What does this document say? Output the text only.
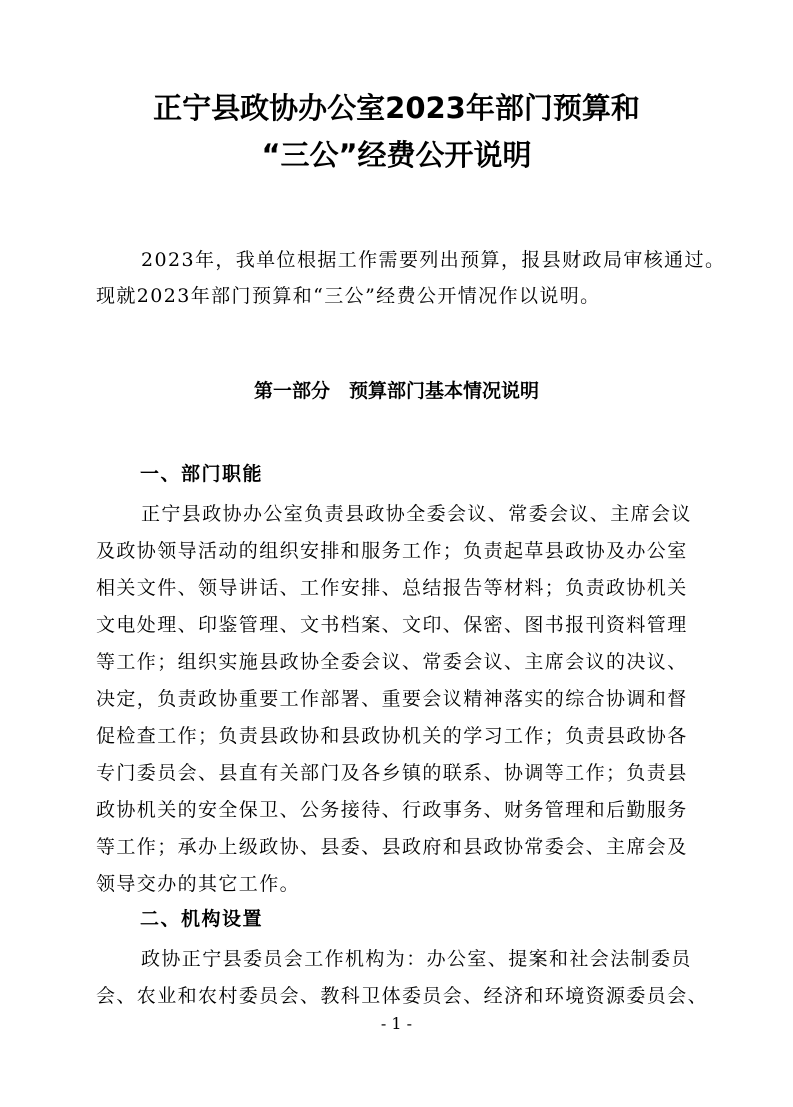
正宁县政协办公室2023年部门预算和
“三公”经费公开说明
2023年，我单位根据工作需要列出预算，报县财政局审核通过。
现就2023年部门预算和“三公”经费公开情况作以说明。
第一部分　预算部门基本情况说明
一、部门职能
正宁县政协办公室负责县政协全委会议、常委会议、主席会议
及政协领导活动的组织安排和服务工作；负责起草县政协及办公室
相关文件、领导讲话、工作安排、总结报告等材料；负责政协机关
文电处理、印鉴管理、文书档案、文印、保密、图书报刊资料管理
等工作；组织实施县政协全委会议、常委会议、主席会议的决议、
决定，负责政协重要工作部署、重要会议精神落实的综合协调和督
促检查工作；负责县政协和县政协机关的学习工作；负责县政协各
专门委员会、县直有关部门及各乡镇的联系、协调等工作；负责县
政协机关的安全保卫、公务接待、行政事务、财务管理和后勤服务
等工作；承办上级政协、县委、县政府和县政协常委会、主席会及
领导交办的其它工作。
二、机构设置
政协正宁县委员会工作机构为：办公室、提案和社会法制委员
会、农业和农村委员会、教科卫体委员会、经济和环境资源委员会、
- 1 -
